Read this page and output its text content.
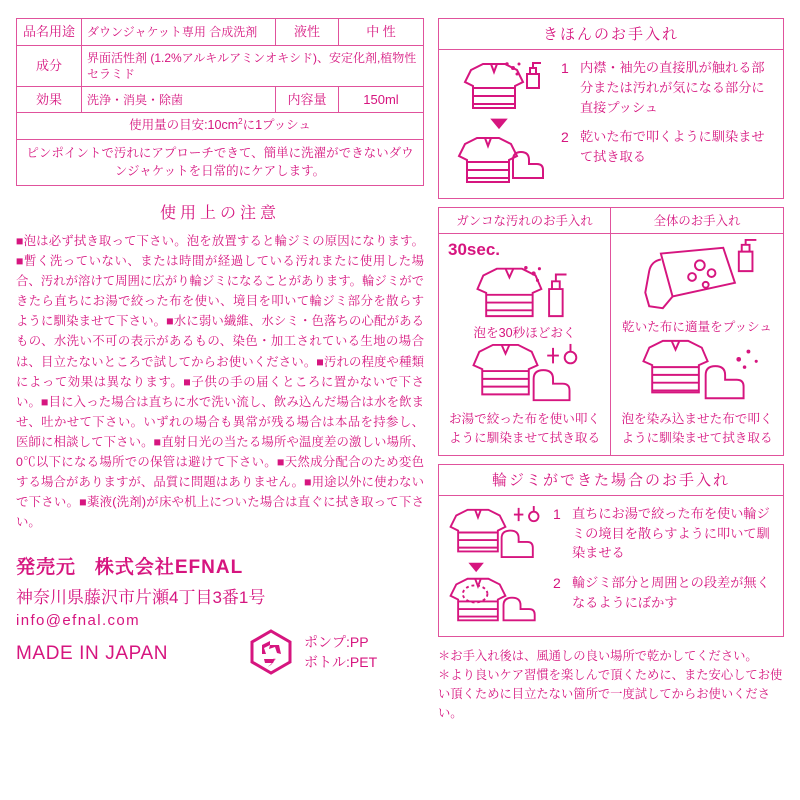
品名用途	ダウンジャケット専用 合成洗剤	液性	中 性
成分	界面活性剤 (1.2%アルキルアミンオキシド)、安定化剤,植物性セラミド		
効果	洗浄・消臭・除菌	内容量	150ml
使用量の目安$:10cm^2$に1プッシュ			
ピンポイントで汚れにアプローチできて、簡単に洗濯ができないダウンジャケットを日常的にケアします。			
使用上の注意
■泡は必ず拭き取って下さい。泡を放置すると輪ジミの原因になります。■暫く洗っていない、または時間が経過している汚れまたに使用した場合、汚れが溶けて周囲に広がり輪ジミになることがあります。輪ジミができたら直ちにお湯で絞った布を使い、境目を叩いて輪ジミ部分を散らすように馴染ませて下さい。■水に弱い繊維、水シミ・色落ちの心配があるもの、水洗い不可の表示があるもの、染色・加工されている生地の場合は、目立たないところで試してからお使いください。■汚れの程度や種類によって効果は異なります。■子供の手の届くところに置かないで下さい。■目に入った場合は直ちに水で洗い流し、飲み込んだ場合は水を飲ませ、吐かせて下さい。いずれの場合も異常が残る場合は本品を持参し、医師に相談して下さい。■直射日光の当たる場所や温度差の激しい場所、0℃以下になる場所での保管は避けて下さい。■天然成分配合のため変色する場合がありますが、品質に問題はありません。■用途以外に使わないで下さい。■薬液(洗剤)が床や机上についた場合は直ぐに拭き取って下さい。
発売元 株式会社EFNAL
神奈川県藤沢市片瀬4丁目3番1号
info@efnal.com
MADE IN JAPAN	プ
ポンプ:PP
ボトル:PET
きほんのお手入れ
1 内襟・袖先の直接肌が触れる部分または汚れが気になる部分に直接プッシュ
2 乾いた布で叩くように馴染ませて拭き取る
ガンコな汚れのお手入れ
30sec.
泡を30秒ほどおく
お湯で絞った布を使い叩くように馴染ませて拭き取る
全体のお手入れ
乾いた布に適量をプッシュ
泡を染み込ませた布で叩くように馴染ませて拭き取る
輪ジミができた場合のお手入れ
1 直ちにお湯で絞った布を使い輪ジミの境目を散らすように叩いて馴染ませる
2 輪ジミ部分と周囲との段差が無くなるようにぼかす
＊お手入れ後は、風通しの良い場所で乾かしてください。
＊より良いケア習慣を楽しんで頂くために、また安心してお使い頂くために目立たない箇所で一度試してからお使いください。
